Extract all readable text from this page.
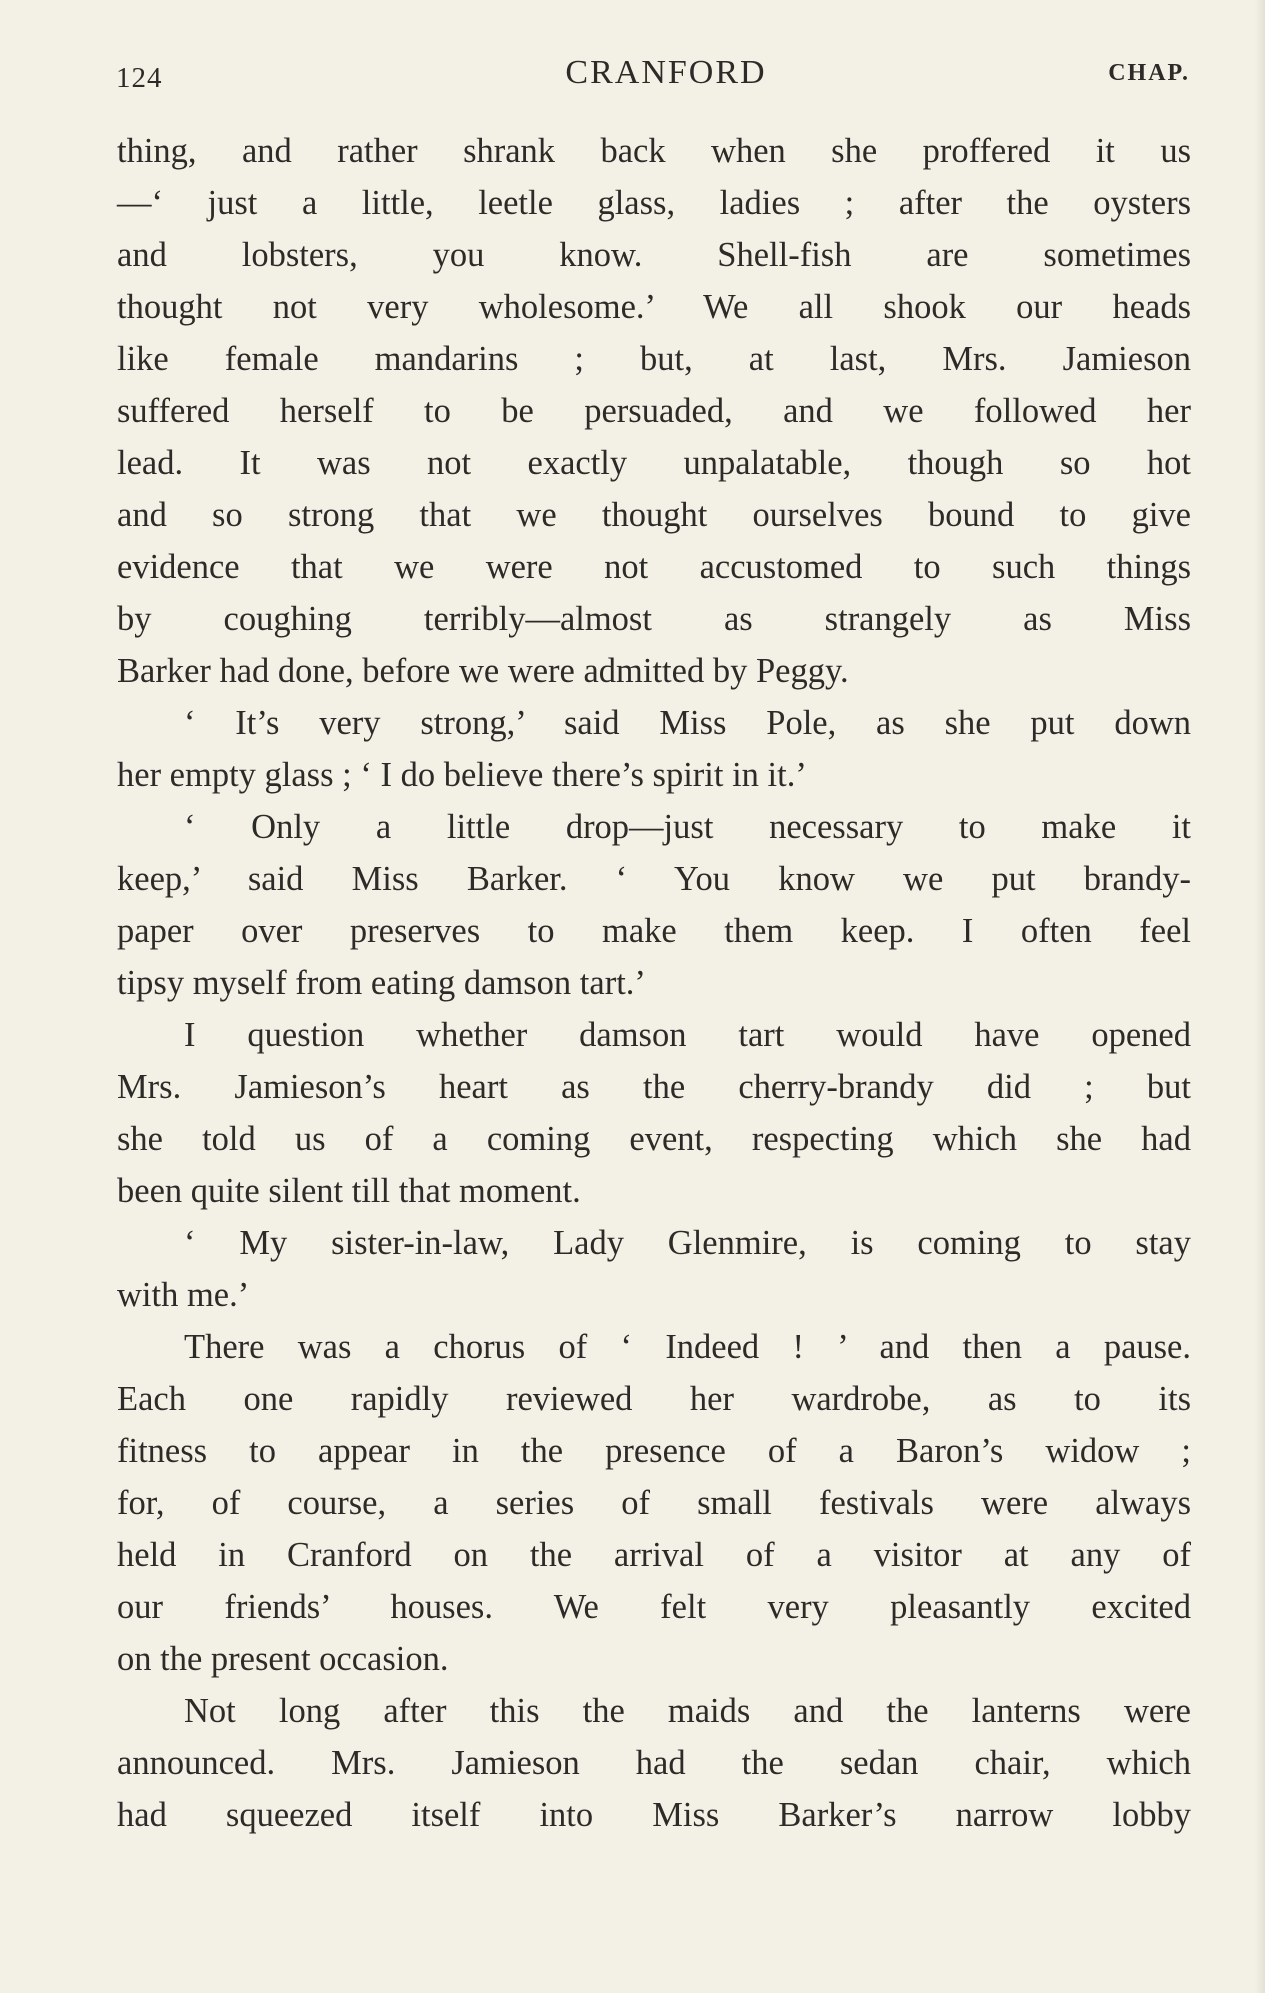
124	CRANFORD	CHAP.
thing, and rather shrank back when she proffered it us
—‘ just a little, leetle glass, ladies ; after the oysters
and lobsters, you know. Shell-fish are sometimes
thought not very wholesome.’ We all shook our heads
like female mandarins ; but, at last, Mrs. Jamieson
suffered herself to be persuaded, and we followed her
lead. It was not exactly unpalatable, though so hot
and so strong that we thought ourselves bound to give
evidence that we were not accustomed to such things
by coughing terribly—almost as strangely as Miss
Barker had done, before we were admitted by Peggy.
‘ It’s very strong,’ said Miss Pole, as she put down
her empty glass ; ‘ I do believe there’s spirit in it.’
‘ Only a little drop—just necessary to make it
keep,’ said Miss Barker. ‘ You know we put brandy-
paper over preserves to make them keep. I often feel
tipsy myself from eating damson tart.’
I question whether damson tart would have opened
Mrs. Jamieson’s heart as the cherry-brandy did ; but
she told us of a coming event, respecting which she had
been quite silent till that moment.
‘ My sister-in-law, Lady Glenmire, is coming to stay
with me.’
There was a chorus of ‘ Indeed ! ’ and then a pause.
Each one rapidly reviewed her wardrobe, as to its
fitness to appear in the presence of a Baron’s widow ;
for, of course, a series of small festivals were always
held in Cranford on the arrival of a visitor at any of
our friends’ houses. We felt very pleasantly excited
on the present occasion.
Not long after this the maids and the lanterns were
announced. Mrs. Jamieson had the sedan chair, which
had squeezed itself into Miss Barker’s narrow lobby
